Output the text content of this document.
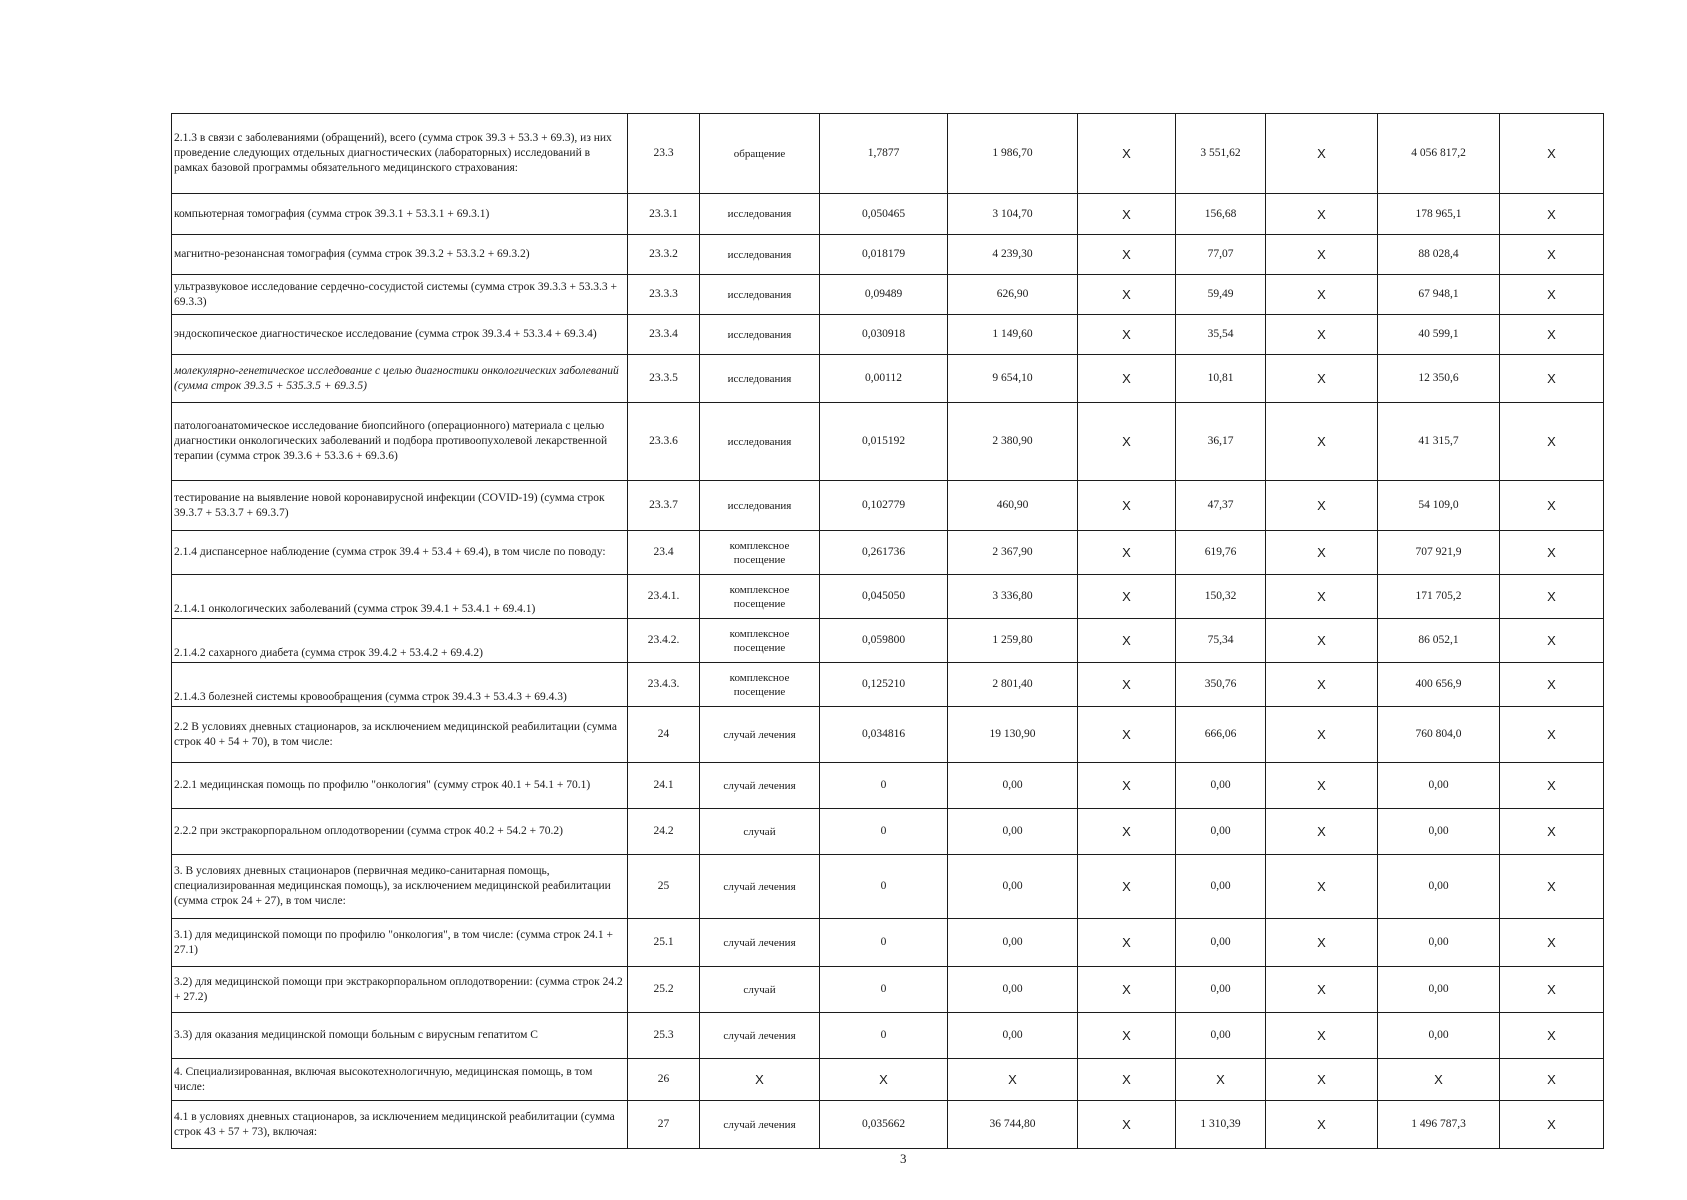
2.1.3 в связи с заболеваниями (обращений), всего (сумма строк 39.3 + 53.3 + 69.3), из них проведение следующих отдельных диагностических (лабораторных) исследований в рамках базовой программы обязательного медицинского страхования:	23.3	обращение	1,7877	1 986,70	X	3 551,62	X	4 056 817,2	X
компьютерная томография (сумма строк 39.3.1 + 53.3.1 + 69.3.1)	23.3.1	исследования	0,050465	3 104,70	X	156,68	X	178 965,1	X
магнитно-резонансная томография (сумма строк 39.3.2 + 53.3.2 + 69.3.2)	23.3.2	исследования	0,018179	4 239,30	X	77,07	X	88 028,4	X
ультразвуковое исследование сердечно-сосудистой системы (сумма строк 39.3.3 + 53.3.3 + 69.3.3)	23.3.3	исследования	0,09489	626,90	X	59,49	X	67 948,1	X
эндоскопическое диагностическое исследование (сумма строк 39.3.4 + 53.3.4 + 69.3.4)	23.3.4	исследования	0,030918	1 149,60	X	35,54	X	40 599,1	X
молекулярно-генетическое исследование с целью диагностики онкологических заболеваний (сумма строк 39.3.5 + 535.3.5 + 69.3.5)	23.3.5	исследования	0,00112	9 654,10	X	10,81	X	12 350,6	X
патологоанатомическое исследование биопсийного (операционного) материала с целью диагностики онкологических заболеваний и подбора противоопухолевой лекарственной терапии (сумма строк 39.3.6 + 53.3.6 + 69.3.6)	23.3.6	исследования	0,015192	2 380,90	X	36,17	X	41 315,7	X
тестирование на выявление новой коронавирусной инфекции (COVID-19) (сумма строк 39.3.7 + 53.3.7 + 69.3.7)	23.3.7	исследования	0,102779	460,90	X	47,37	X	54 109,0	X
2.1.4 диспансерное наблюдение (сумма строк 39.4 + 53.4 + 69.4), в том числе по поводу:	23.4	комплексное посещение	0,261736	2 367,90	X	619,76	X	707 921,9	X
2.1.4.1 онкологических заболеваний (сумма строк 39.4.1 + 53.4.1 + 69.4.1)	23.4.1.	комплексное посещение	0,045050	3 336,80	X	150,32	X	171 705,2	X
2.1.4.2 сахарного диабета (сумма строк 39.4.2 + 53.4.2 + 69.4.2)	23.4.2.	комплексное посещение	0,059800	1 259,80	X	75,34	X	86 052,1	X
2.1.4.3 болезней системы кровообращения (сумма строк 39.4.3 + 53.4.3 + 69.4.3)	23.4.3.	комплексное посещение	0,125210	2 801,40	X	350,76	X	400 656,9	X
2.2 В условиях дневных стационаров, за исключением медицинской реабилитации (сумма строк 40 + 54 + 70), в том числе:	24	случай лечения	0,034816	19 130,90	X	666,06	X	760 804,0	X
2.2.1 медицинская помощь по профилю "онкология" (сумму строк 40.1 + 54.1 + 70.1)	24.1	случай лечения	0	0,00	X	0,00	X	0,00	X
2.2.2 при экстракорпоральном оплодотворении (сумма строк 40.2 + 54.2 + 70.2)	24.2	случай	0	0,00	X	0,00	X	0,00	X
3. В условиях дневных стационаров (первичная медико-санитарная помощь, специализированная медицинская помощь), за исключением медицинской реабилитации (сумма строк 24 + 27), в том числе:	25	случай лечения	0	0,00	X	0,00	X	0,00	X
3.1) для медицинской помощи по профилю "онкология", в том числе: (сумма строк 24.1 + 27.1)	25.1	случай лечения	0	0,00	X	0,00	X	0,00	X
3.2) для медицинской помощи при экстракорпоральном оплодотворении: (сумма строк 24.2 + 27.2)	25.2	случай	0	0,00	X	0,00	X	0,00	X
3.3) для оказания медицинской помощи больным с вирусным гепатитом С	25.3	случай лечения	0	0,00	X	0,00	X	0,00	X
4. Специализированная, включая высокотехнологичную, медицинская помощь, в том числе:	26	X	X	X	X	X	X	X	X
4.1 в условиях дневных стационаров, за исключением медицинской реабилитации (сумма строк 43 + 57 + 73), включая:	27	случай лечения	0,035662	36 744,80	X	1 310,39	X	1 496 787,3	X
3
